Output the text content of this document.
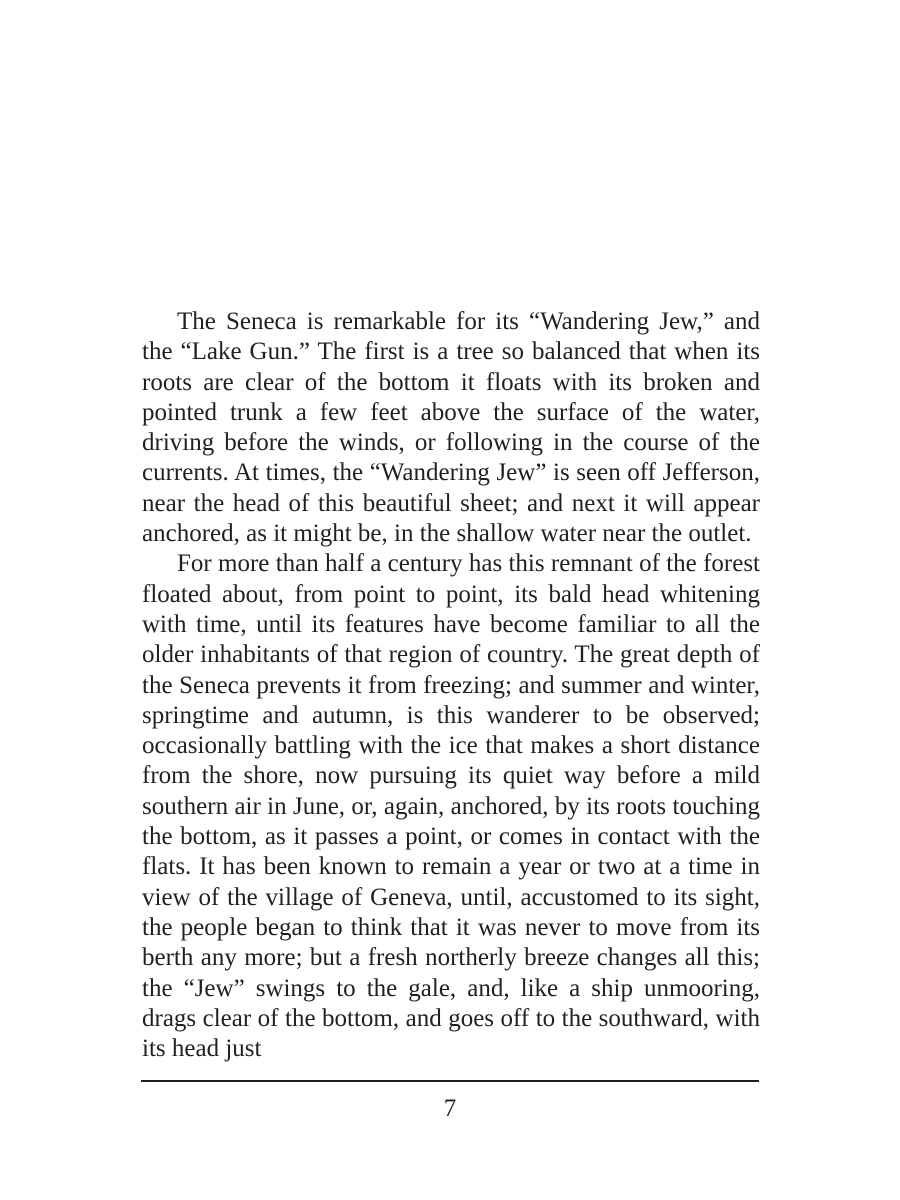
The Seneca is remarkable for its “Wandering Jew,” and the “Lake Gun.” The first is a tree so balanced that when its roots are clear of the bottom it floats with its broken and pointed trunk a few feet above the surface of the water, driving before the winds, or following in the course of the currents. At times, the “Wandering Jew” is seen off Jefferson, near the head of this beautiful sheet; and next it will appear anchored, as it might be, in the shallow water near the outlet.

For more than half a century has this remnant of the forest floated about, from point to point, its bald head whitening with time, until its features have become familiar to all the older inhabitants of that region of country. The great depth of the Seneca prevents it from freezing; and summer and winter, springtime and autumn, is this wanderer to be observed; occasionally battling with the ice that makes a short distance from the shore, now pursuing its quiet way before a mild southern air in June, or, again, anchored, by its roots touching the bottom, as it passes a point, or comes in contact with the flats. It has been known to remain a year or two at a time in view of the village of Geneva, until, accustomed to its sight, the people began to think that it was never to move from its berth any more; but a fresh northerly breeze changes all this; the “Jew” swings to the gale, and, like a ship unmooring, drags clear of the bottom, and goes off to the southward, with its head just

7
